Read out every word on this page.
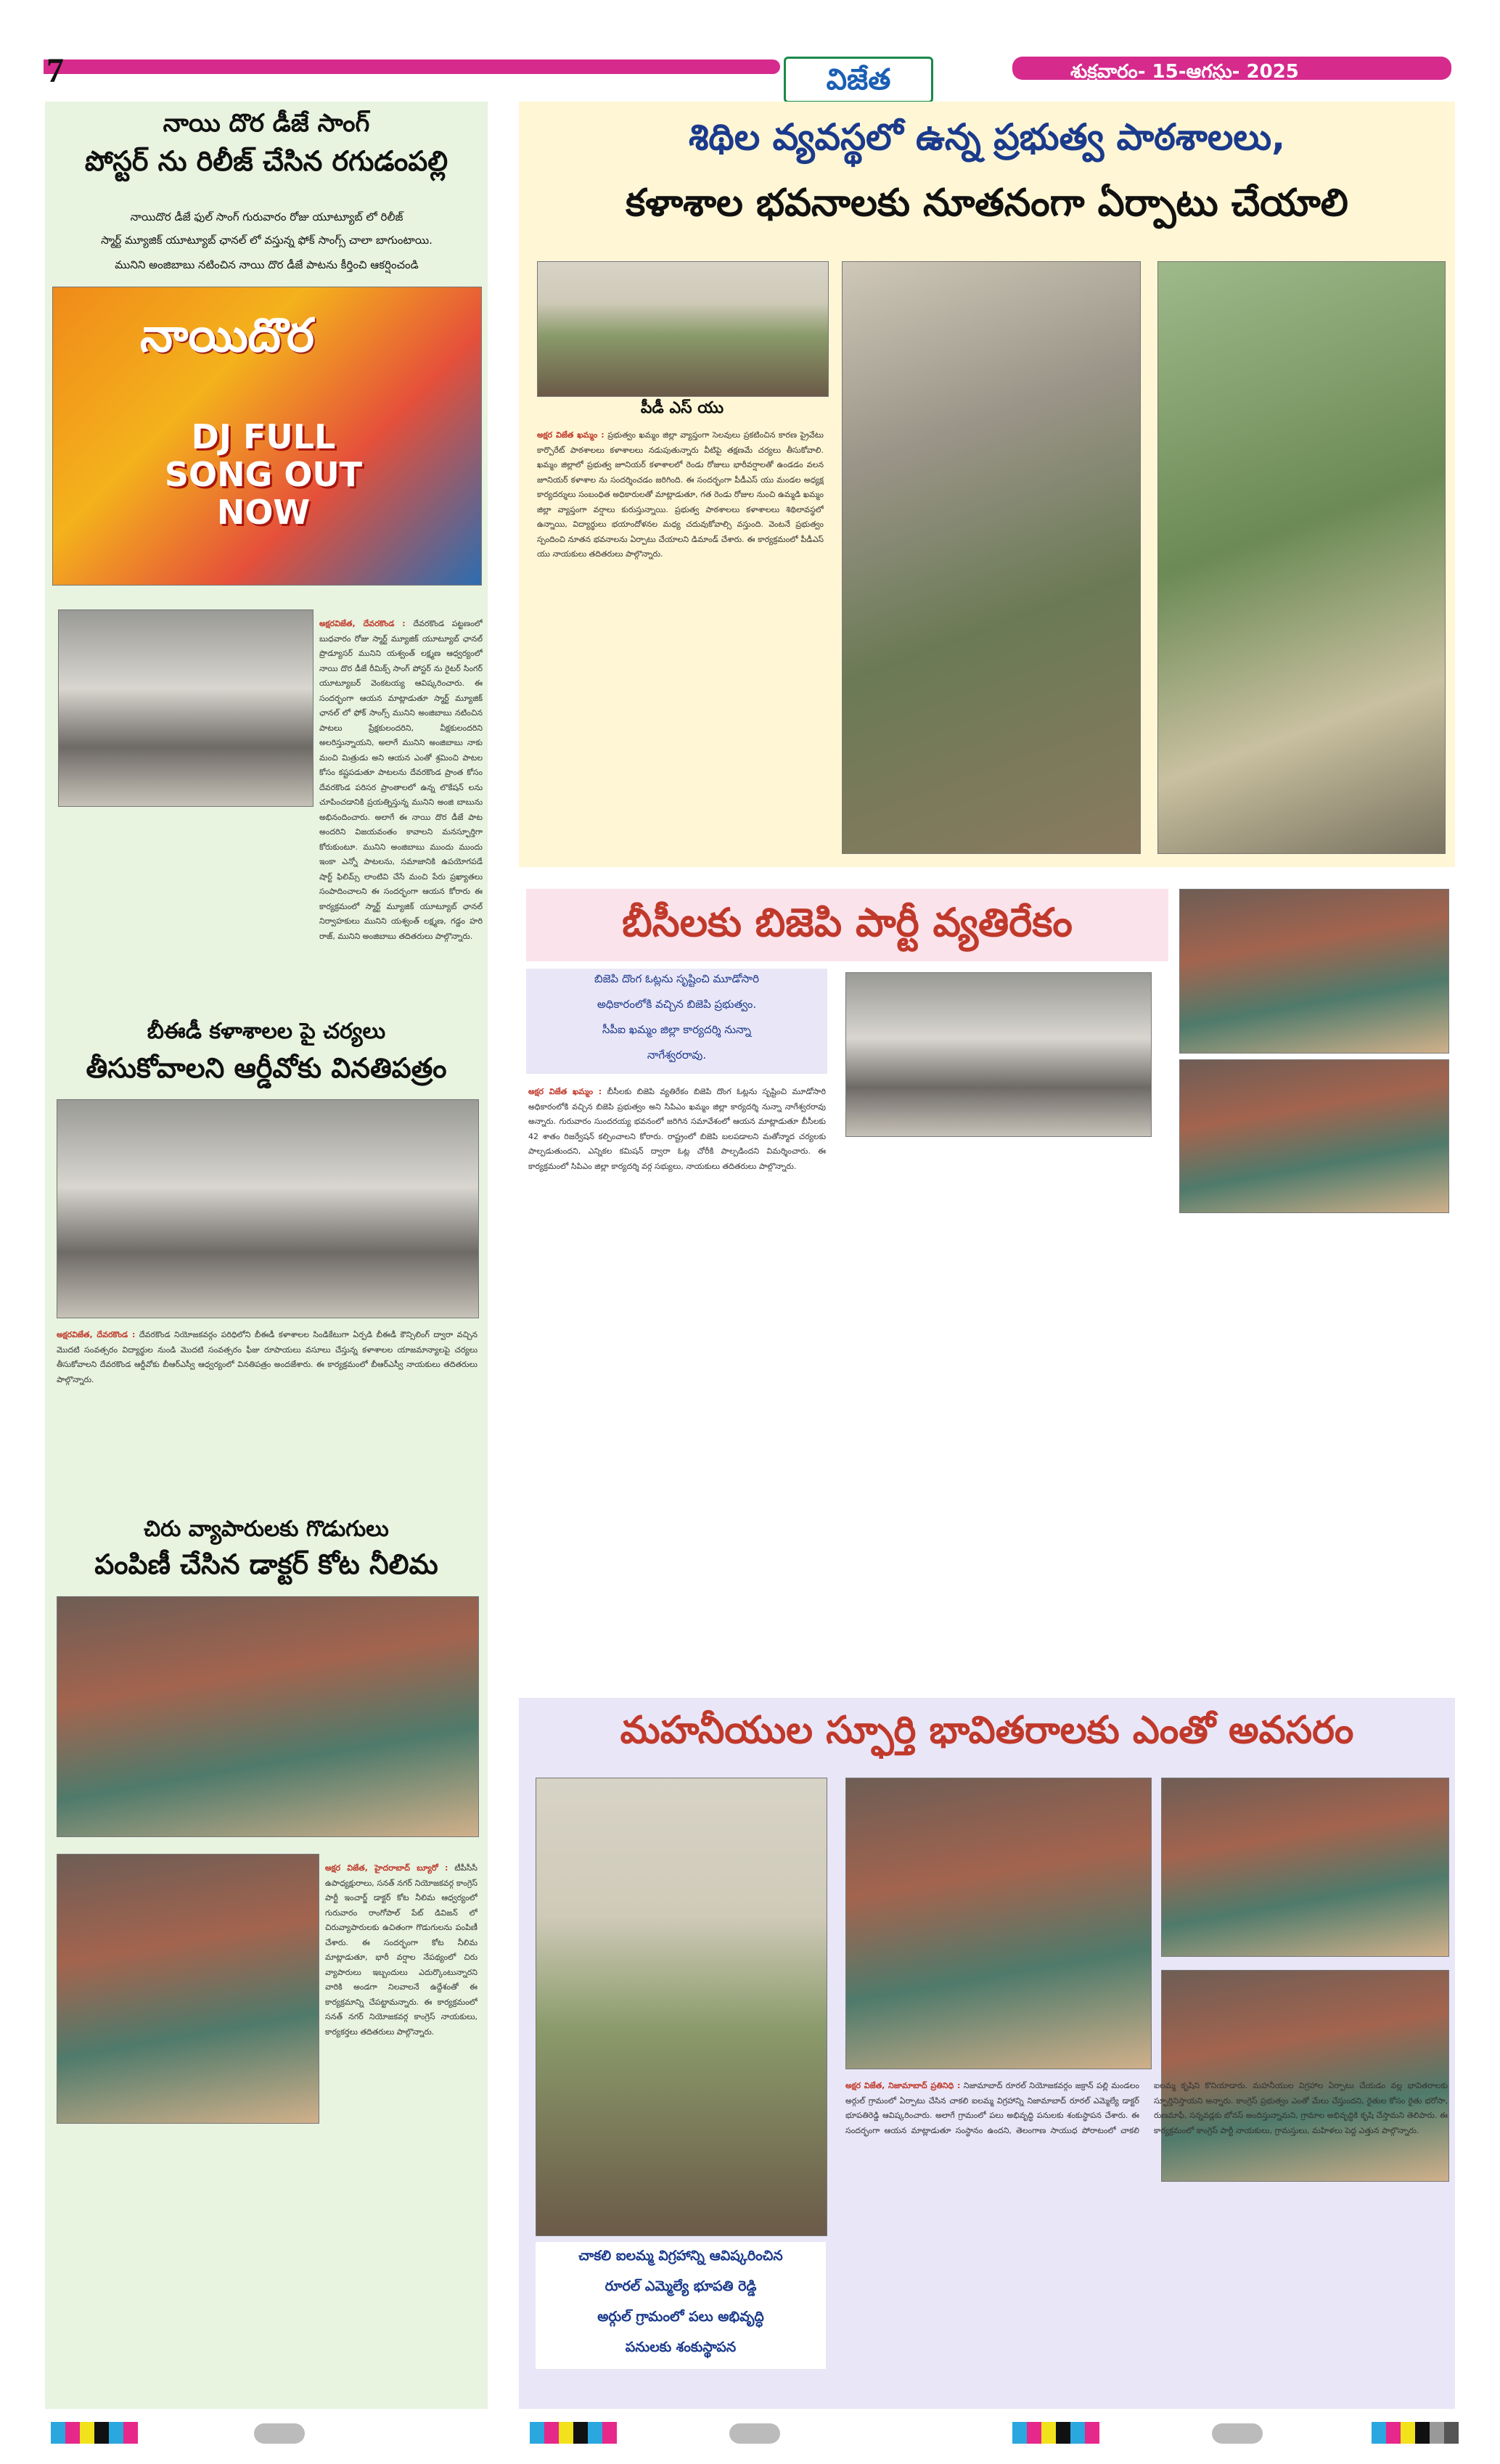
7	విజేత	శుక్రవారం- 15-ఆగస్టు- 2025
నాయి దొర డీజే సాంగ్
పోస్టర్ ను రిలీజ్ చేసిన రగుడంపల్లి
నాయిదొర డీజే ఫుల్ సాంగ్ గురువారం రోజు యూట్యూబ్ లో రిలీజ్
స్మార్ట్ మ్యూజిక్ యూట్యూబ్ ఛానల్ లో వస్తున్న ఫోక్ సాంగ్స్ చాలా బాగుంటాయి.
మునిని అంజిబాబు నటించిన నాయి దొర డీజే పాటను కీర్తించి ఆకర్షించండి
నాయిదొర
DJ FULL SONG OUT NOW
అక్షరవిజేత, దేవరకొండ : దేవరకొండ పట్టణంలో బుధవారం రోజు స్మార్ట్ మ్యూజిక్ యూట్యూబ్ ఛానల్ ప్రొడ్యూసర్ మునిని యశ్వంత్ లక్ష్మణ ఆధ్వర్యంలో నాయి దొర డీజే రీమిక్స్ సాంగ్ పోస్టర్ ను రైటర్ సింగర్ యూట్యూబర్ వెంకటయ్య ఆవిష్కరించారు. ఈ సందర్భంగా ఆయన మాట్లాడుతూ స్మార్ట్ మ్యూజిక్ ఛానల్ లో ఫోక్ సాంగ్స్ మునిని అంజిబాబు నటించిన పాటలు ప్రేక్షకులందరిని, వీక్షకులందరిని అలరిస్తున్నాయని, అలాగే మునిని అంజిబాబు నాకు మంచి మిత్రుడు అని ఆయన ఎంతో శ్రమించి పాటల కోసం కష్టపడుతూ పాటలను దేవరకొండ ప్రాంత కోసం దేవరకొండ పరిసర ప్రాంతాలలో ఉన్న లొకేషన్ లను చూపించడానికి ప్రయత్నిస్తున్న మునిని అంజి బాబును అభినందించారు. అలాగే ఈ నాయి దొర డీజే పాట అందరిని విజయవంతం కావాలని మనస్ఫూర్తిగా కోరుకుంటూ. మునిని అంజిబాబు ముందు ముందు ఇంకా ఎన్నో పాటలను, సమాజానికి ఉపయోగపడే షార్ట్ ఫిలిమ్స్ లాంటివి చేసే మంచి పేరు ప్రఖ్యాతలు సంపాదించాలని ఈ సందర్భంగా ఆయన కోరారు ఈ కార్యక్రమంలో స్మార్ట్ మ్యూజిక్ యూట్యూబ్ ఛానల్ నిర్వాహకులు మునిని యశ్వంత్ లక్ష్మణ, గడ్డం హరి రాజ్, మునిని అంజిబాబు తదితరులు పాల్గొన్నారు.
బీఈడీ కళాశాలల పై చర్యలు
తీసుకోవాలని ఆర్డీవోకు వినతిపత్రం
అక్షరవిజేత, దేవరకొండ : దేవరకొండ నియోజకవర్గం పరిధిలోని బీఈడీ కళాశాలల సిండికేటుగా ఏర్పడి బీఈడీ కౌన్సిలింగ్ ద్వారా వచ్చిన మొదటి సంవత్సరం విద్యార్థుల నుండి మొదటి సంవత్సరం ఫీజు రూపాయలు వసూలు చేస్తున్న కళాశాలల యాజమాన్యాలపై చర్యలు తీసుకోవాలని దేవరకొండ ఆర్డీవోకు బీఆర్ఎస్వీ ఆధ్వర్యంలో వినతిపత్రం అందజేశారు. ఈ కార్యక్రమంలో బీఆర్ఎస్వీ నాయకులు తదితరులు పాల్గొన్నారు.
చిరు వ్యాపారులకు గొడుగులు
పంపిణీ చేసిన డాక్టర్ కోట నీలిమ
అక్షర విజేత, హైదరాబాద్ బ్యూరో : టీపీసీసీ ఉపాధ్యక్షురాలు, సనత్ నగర్ నియోజకవర్గ కాంగ్రెస్ పార్టీ ఇంచార్జ్ డాక్టర్ కోట నీలిమ ఆధ్వర్యంలో గురువారం రాంగోపాల్ పేట్ డివిజన్ లో చిరువ్యాపారులకు ఉచితంగా గొడుగులను పంపిణీ చేశారు. ఈ సందర్భంగా కోట నీలిమ మాట్లాడుతూ, భారీ వర్షాల నేపథ్యంలో చిరు వ్యాపారులు ఇబ్బందులు ఎదుర్కొంటున్నారని వారికి అండగా నిలవాలనే ఉద్దేశంతో ఈ కార్యక్రమాన్ని చేపట్టామన్నారు. ఈ కార్యక్రమంలో సనత్ నగర్ నియోజకవర్గ కాంగ్రెస్ నాయకులు, కార్యకర్తలు తదితరులు పాల్గొన్నారు.
శిథిల వ్యవస్థలో ఉన్న ప్రభుత్వ పాఠశాలలు,
కళాశాల భవనాలకు నూతనంగా ఏర్పాటు చేయాలి
పీడీ ఎస్ యు
అక్షర విజేత ఖమ్మం : ప్రభుత్వం ఖమ్మం జిల్లా వ్యాప్తంగా సెలవులు ప్రకటించిన కారణ ప్రైవేటు కార్పొరేట్ పాఠశాలలు కళాశాలలు నడుపుతున్నారు వీటిపై తక్షణమే చర్యలు తీసుకోవాలి. ఖమ్మం జిల్లాలో ప్రభుత్వ జూనియర్ కళాశాలలో రెండు రోజులు భారీవర్షాలతో ఉండడం వలన జూనియర్ కళాశాల ను సందర్శించడం జరిగింది. ఈ సందర్భంగా పీడీఎస్ యు మండల అధ్యక్ష కార్యదర్శులు సంబంధిత అధికారులతో మాట్లాడుతూ, గత రెండు రోజుల నుంచి ఉమ్మడి ఖమ్మం జిల్లా వ్యాప్తంగా వర్షాలు కురుస్తున్నాయి. ప్రభుత్వ పాఠశాలలు కళాశాలలు శిథిలావస్థలో ఉన్నాయి, విద్యార్థులు భయాందోళనల మధ్య చదువుకోవాల్సి వస్తుంది. వెంటనే ప్రభుత్వం స్పందించి నూతన భవనాలను ఏర్పాటు చేయాలని డిమాండ్ చేశారు. ఈ కార్యక్రమంలో పీడీఎస్ యు నాయకులు తదితరులు పాల్గొన్నారు.
బీసీలకు బిజెపి పార్టీ వ్యతిరేకం
బిజెపి దొంగ ఓట్లను సృష్టించి మూడోసారి
అధికారంలోకి వచ్చిన బిజెపి ప్రభుత్వం.
సీపీఐ ఖమ్మం జిల్లా కార్యదర్శి నున్నా
నాగేశ్వరరావు.
అక్షర విజేత ఖమ్మం : బీసీలకు బిజెపి వ్యతిరేకం బిజెపి దొంగ ఓట్లను సృష్టించి మూడోసారి అధికారంలోకి వచ్చిన బిజెపి ప్రభుత్వం అని సిపిఎం ఖమ్మం జిల్లా కార్యదర్శి నున్నా నాగేశ్వరరావు అన్నారు. గురువారం సుందరయ్య భవనంలో జరిగిన సమావేశంలో ఆయన మాట్లాడుతూ బీసీలకు 42 శాతం రిజర్వేషన్ కల్పించాలని కోరారు. రాష్ట్రంలో బిజెపి బలపడాలని మతోన్మాద చర్యలకు పాల్పడుతుందని, ఎన్నికల కమిషన్ ద్వారా ఓట్ల చోరీకి పాల్పడిందని విమర్శించారు. ఈ కార్యక్రమంలో సిపిఎం జిల్లా కార్యదర్శి వర్గ సభ్యులు, నాయకులు తదితరులు పాల్గొన్నారు.
మహనీయుల స్ఫూర్తి భావితరాలకు ఎంతో అవసరం
చాకలి ఐలమ్మ విగ్రహాన్ని ఆవిష్కరించిన
రూరల్ ఎమ్మెల్యే భూపతి రెడ్డి
అర్గుల్ గ్రామంలో పలు అభివృద్ధి
పనులకు శంకుస్థాపన
అక్షర విజేత, నిజామాబాద్ ప్రతినిధి : నిజామాబాద్ రూరల్ నియోజకవర్గం జక్రాన్ పల్లి మండలం అర్గుల్ గ్రామంలో ఏర్పాటు చేసిన చాకలి ఐలమ్మ విగ్రహాన్ని నిజామాబాద్ రూరల్ ఎమ్మెల్యే డాక్టర్ భూపతిరెడ్డి ఆవిష్కరించారు. అలాగే గ్రామంలో పలు అభివృద్ధి పనులకు శంకుస్థాపన చేశారు. ఈ సందర్భంగా ఆయన మాట్లాడుతూ సంస్థానం ఉందని, తెలంగాణ సాయుధ పోరాటంలో చాకలి ఐలమ్మ కృషిని కొనియాడారు. మహనీయుల విగ్రహాల ఏర్పాటు చేయడం వల్ల భావితరాలకు స్ఫూర్తినిస్తాయని అన్నారు. కాంగ్రెస్ ప్రభుత్వం ఎంతో మేలు చేస్తుందని, రైతుల కోసం రైతు భరోసా, రుణమాఫీ, సన్నవడ్లకు బోనస్ అందిస్తున్నామని, గ్రామాల అభివృద్ధికి కృషి చేస్తామని తెలిపారు. ఈ కార్యక్రమంలో కాంగ్రెస్ పార్టీ నాయకులు, గ్రామస్తులు, మహిళలు పెద్ద ఎత్తున పాల్గొన్నారు.
